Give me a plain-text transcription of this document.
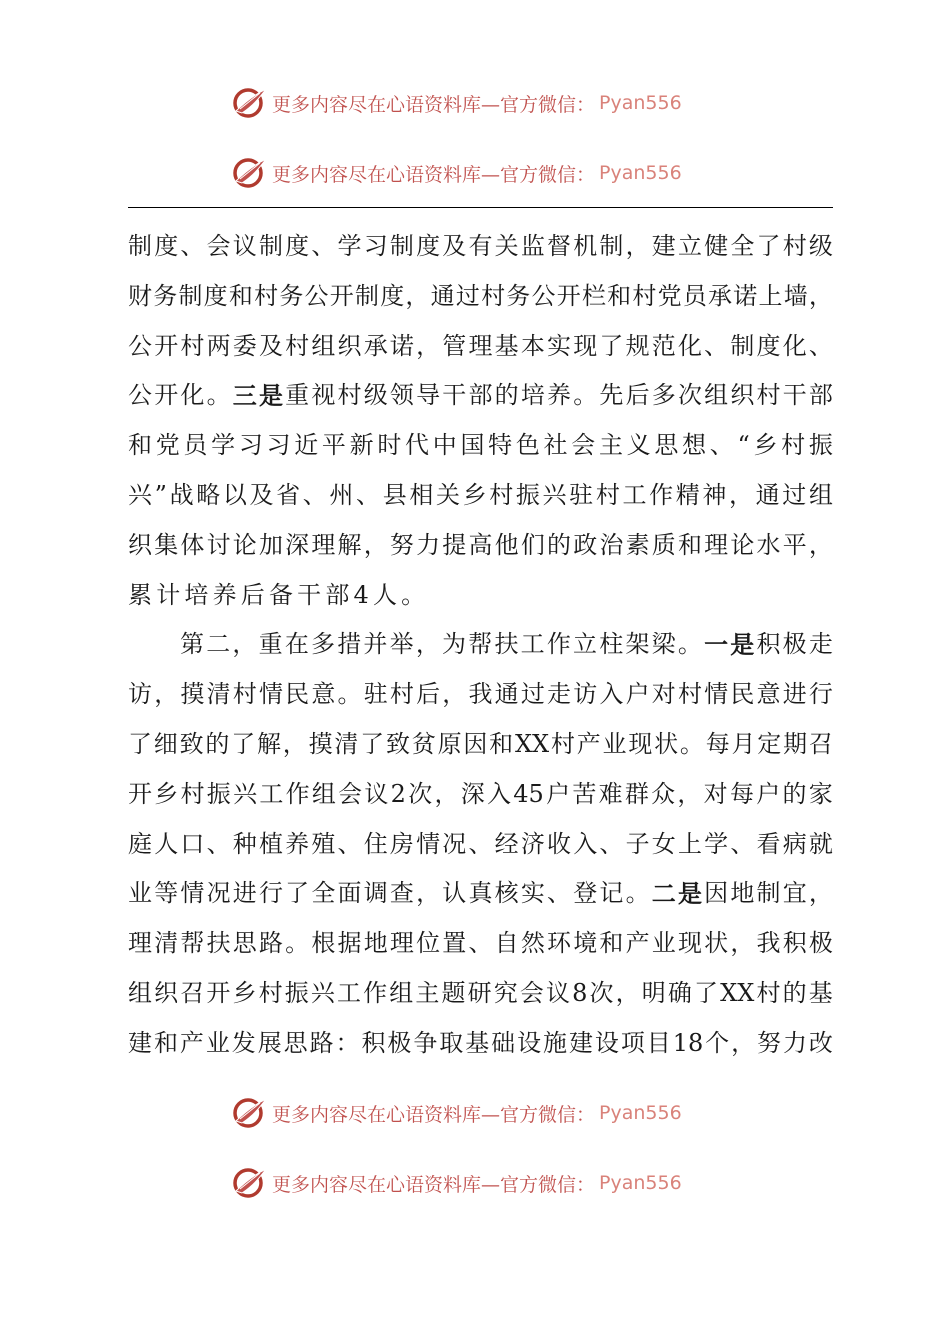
更多内容尽在心语资料库—官方微信： Pyan556
更多内容尽在心语资料库—官方微信： Pyan556
制 度 、 会 议 制 度 、 学 习 制 度 及 有 关 监 督 机 制 ， 建 立 健 全 了 村 级
财 务 制 度 和 村 务 公 开 制 度 ， 通 过 村 务 公 开 栏 和 村 党 员 承 诺 上 墙 ，
公 开 村 两 委 及 村 组 织 承 诺 ， 管 理 基 本 实 现 了 规 范 化 、 制 度 化 、
公 开 化 。 三 是 重 视 村 级 领 导 干 部 的 培 养 。 先 后 多 次 组 织 村 干 部
和 党 员 学 习 习 近 平 新 时 代 中 国 特 色 社 会 主 义 思 想 、 “ 乡 村 振
兴 ” 战 略 以 及 省 、 州 、 县 相 关 乡 村 振 兴 驻 村 工 作 精 神 ， 通 过 组
织 集 体 讨 论 加 深 理 解 ， 努 力 提 高 他 们 的 政 治 素 质 和 理 论 水 平 ，
累 计 培 养 后 备 干 部 4 人 。
第 二 ， 重 在 多 措 并 举 ， 为 帮 扶 工 作 立 柱 架 梁 。 一 是 积 极 走
访 ， 摸 清 村 情 民 意 。 驻 村 后 ， 我 通 过 走 访 入 户 对 村 情 民 意 进 行
了 细 致 的 了 解 ， 摸 清 了 致 贫 原 因 和 XX 村 产 业 现 状 。 每 月 定 期 召
开 乡 村 振 兴 工 作 组 会 议 2 次 ， 深 入 45 户 苦 难 群 众 ， 对 每 户 的 家
庭 人 口 、 种 植 养 殖 、 住 房 情 况 、 经 济 收 入 、 子 女 上 学 、 看 病 就
业 等 情 况 进 行 了 全 面 调 查 ， 认 真 核 实 、 登 记 。 二 是 因 地 制 宜 ，
理 清 帮 扶 思 路 。 根 据 地 理 位 置 、 自 然 环 境 和 产 业 现 状 ， 我 积 极
组 织 召 开 乡 村 振 兴 工 作 组 主 题 研 究 会 议 8 次 ， 明 确 了 XX 村 的 基
建 和 产 业 发 展 思 路 ： 积 极 争 取 基 础 设 施 建 设 项 目 18 个 ， 努 力 改
更多内容尽在心语资料库—官方微信： Pyan556
更多内容尽在心语资料库—官方微信： Pyan556
